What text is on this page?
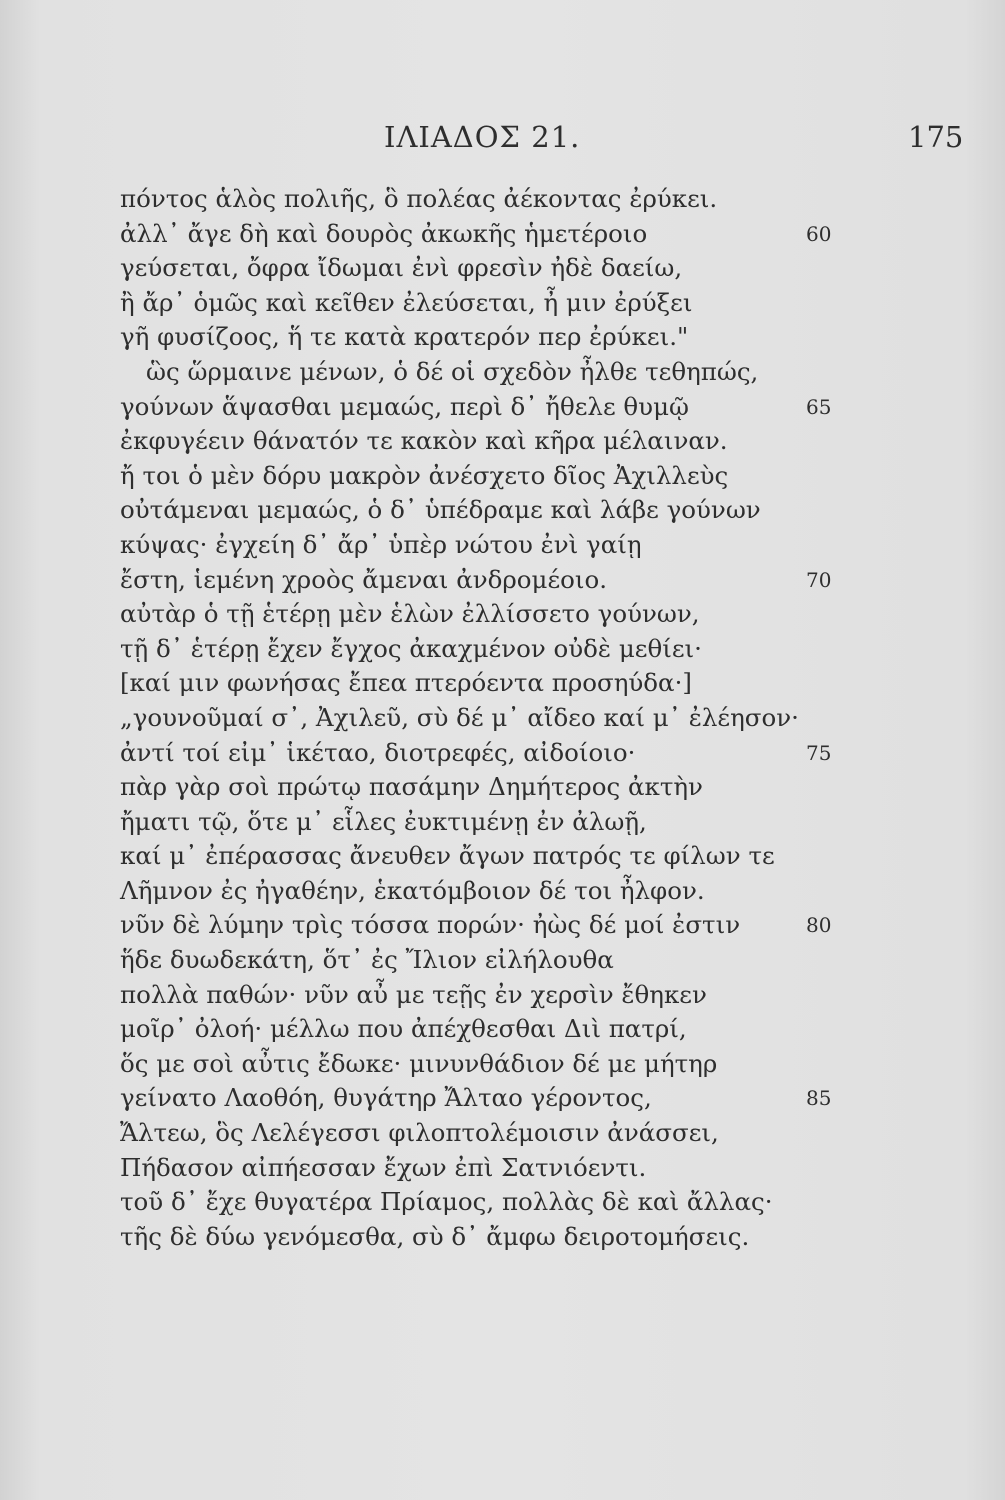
ΙΛΙΑΔΟΣ 21.	175
πόντος ἁλὸς πολιῆς, ὃ πολέας ἀέκοντας ἐρύκει.
ἀλλ᾽ ἄγε δὴ καὶ δουρὸς ἀκωκῆς ἡμετέροιο	60
γεύσεται, ὄφρα ἴδωμαι ἐνὶ φρεσὶν ἠδὲ δαείω,
ἢ ἄρ᾽ ὁμῶς καὶ κεῖθεν ἐλεύσεται, ἦ μιν ἐρύξει
γῆ φυσίζοος, ἥ τε κατὰ κρατερόν περ ἐρύκει."
ὣς ὥρμαινε μένων, ὁ δέ οἱ σχεδὸν ἦλθε τεθηπώς,
γούνων ἅψασθαι μεμαώς, περὶ δ᾽ ἤθελε θυμῷ	65
ἐκφυγέειν θάνατόν τε κακὸν καὶ κῆρα μέλαιναν.
ἤ τοι ὁ μὲν δόρυ μακρὸν ἀνέσχετο δῖος Ἀχιλλεὺς
οὐτάμεναι μεμαώς, ὁ δ᾽ ὑπέδραμε καὶ λάβε γούνων
κύψας· ἐγχείη δ᾽ ἄρ᾽ ὑπὲρ νώτου ἐνὶ γαίῃ
ἔστη, ἱεμένη χροὸς ἄμεναι ἀνδρομέοιο.	70
αὐτὰρ ὁ τῇ ἑτέρῃ μὲν ἑλὼν ἐλλίσσετο γούνων,
τῇ δ᾽ ἑτέρῃ ἔχεν ἔγχος ἀκαχμένον οὐδὲ μεθίει·
[καί μιν φωνήσας ἔπεα πτερόεντα προσηύδα·]
„γουνοῦμαί σ᾽, Ἀχιλεῦ, σὺ δέ μ᾽ αἴδεο καί μ᾽ ἐλέησον·
ἀντί τοί εἰμ᾽ ἱκέταο, διοτρεφές, αἰδοίοιο·	75
πὰρ γὰρ σοὶ πρώτῳ πασάμην Δημήτερος ἀκτὴν
ἤματι τῷ, ὅτε μ᾽ εἷλες ἐυκτιμένῃ ἐν ἀλωῇ,
καί μ᾽ ἐπέρασσας ἄνευθεν ἄγων πατρός τε φίλων τε
Λῆμνον ἐς ἠγαθέην, ἑκατόμβοιον δέ τοι ἦλφον.
νῦν δὲ λύμην τρὶς τόσσα πορών· ἠὼς δέ μοί ἐστιν	80
ἥδε δυωδεκάτη, ὅτ᾽ ἐς Ἴλιον εἰλήλουθα
πολλὰ παθών· νῦν αὖ με τεῇς ἐν χερσὶν ἔθηκεν
μοῖρ᾽ ὀλοή· μέλλω που ἀπέχθεσθαι Διὶ πατρί,
ὅς με σοὶ αὖτις ἔδωκε· μινυνθάδιον δέ με μήτηρ
γείνατο Λαοθόη, θυγάτηρ Ἄλταο γέροντος,	85
Ἄλτεω, ὃς Λελέγεσσι φιλοπτολέμοισιν ἀνάσσει,
Πήδασον αἰπήεσσαν ἔχων ἐπὶ Σατνιόεντι.
τοῦ δ᾽ ἔχε θυγατέρα Πρίαμος, πολλὰς δὲ καὶ ἄλλας·
τῆς δὲ δύω γενόμεσθα, σὺ δ᾽ ἄμφω δειροτομήσεις.
